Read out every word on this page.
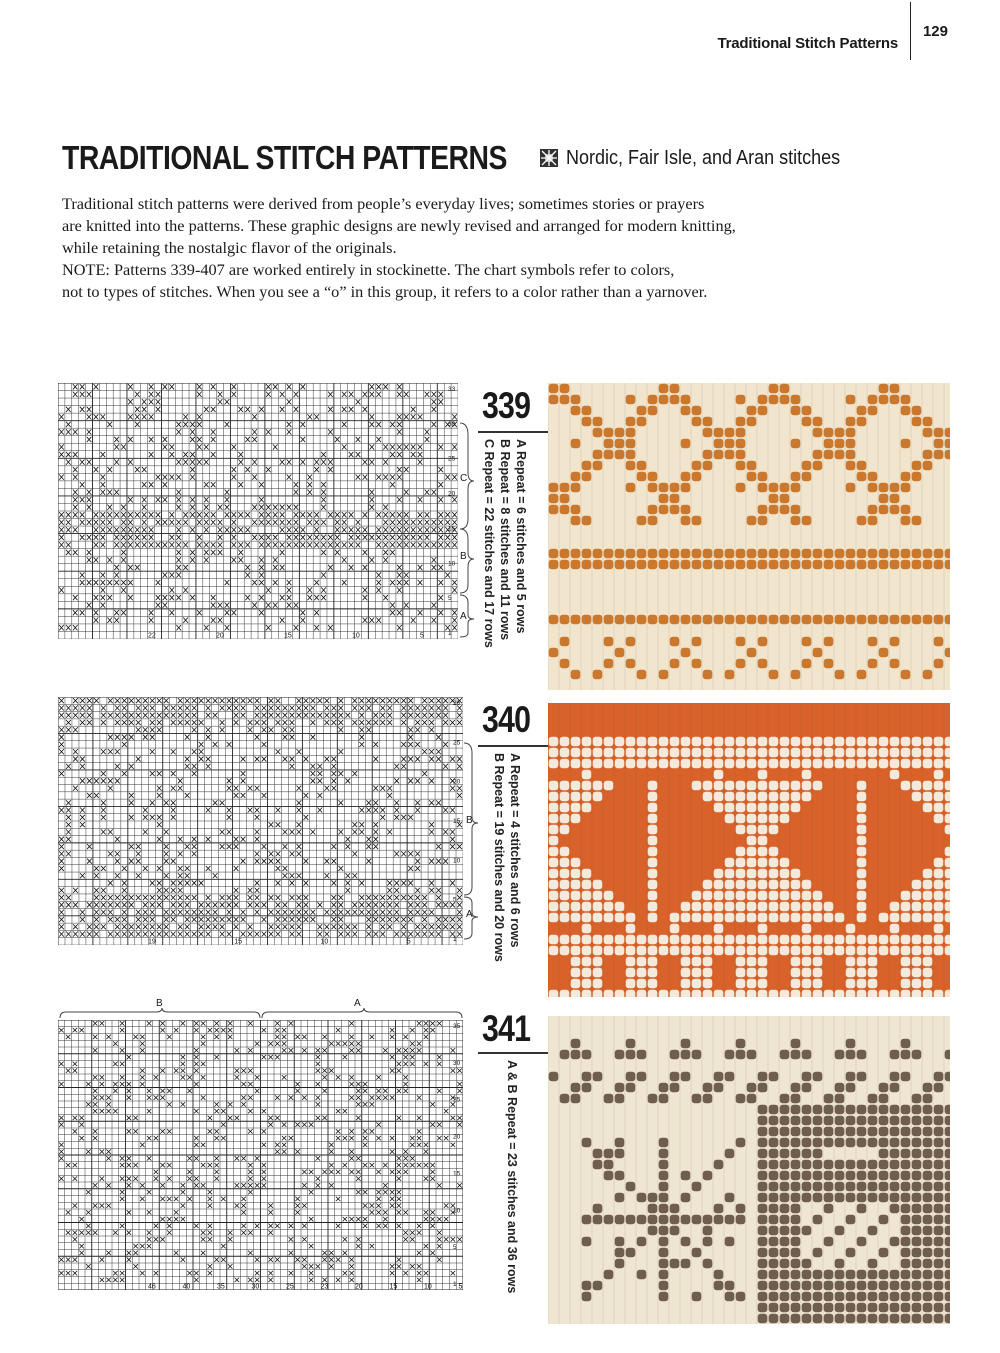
Traditional Stitch Patterns
129
TRADITIONAL STITCH PATTERNS	Nordic, Fair Isle, and Aran stitches

Traditional stitch patterns were derived from people’s everyday lives; sometimes stories or prayers

are knitted into the patterns. These graphic designs are newly revised and arranged for modern knitting,

while retaining the nostalgic flavor of the originals.

NOTE: Patterns 339-407 are worked entirely in stockinette. The chart symbols refer to colors,

not to types of stitches. When you see a “o” in this group, it refers to a color rather than a yarnover.

22	20	15	10	5
33
30
25
20
15
10
5
1
C
B
A
339
A Repeat = 6 stitches and 5 rows
B Repeat = 8 stitches and 11 rows
C Repeat = 22 stitches and 17 rows
19	15	10	5
26
25
20
15
10
5
1
B
A
340
A Repeat = 4 stitches and 6 rows
B Repeat = 19 stitches and 20 rows
B	A
46	40	35	30	25	23	20	15	10	5
35
30
25
20
15
10
5
1
341
A & B Repeat = 23 stitches and 36 rows
